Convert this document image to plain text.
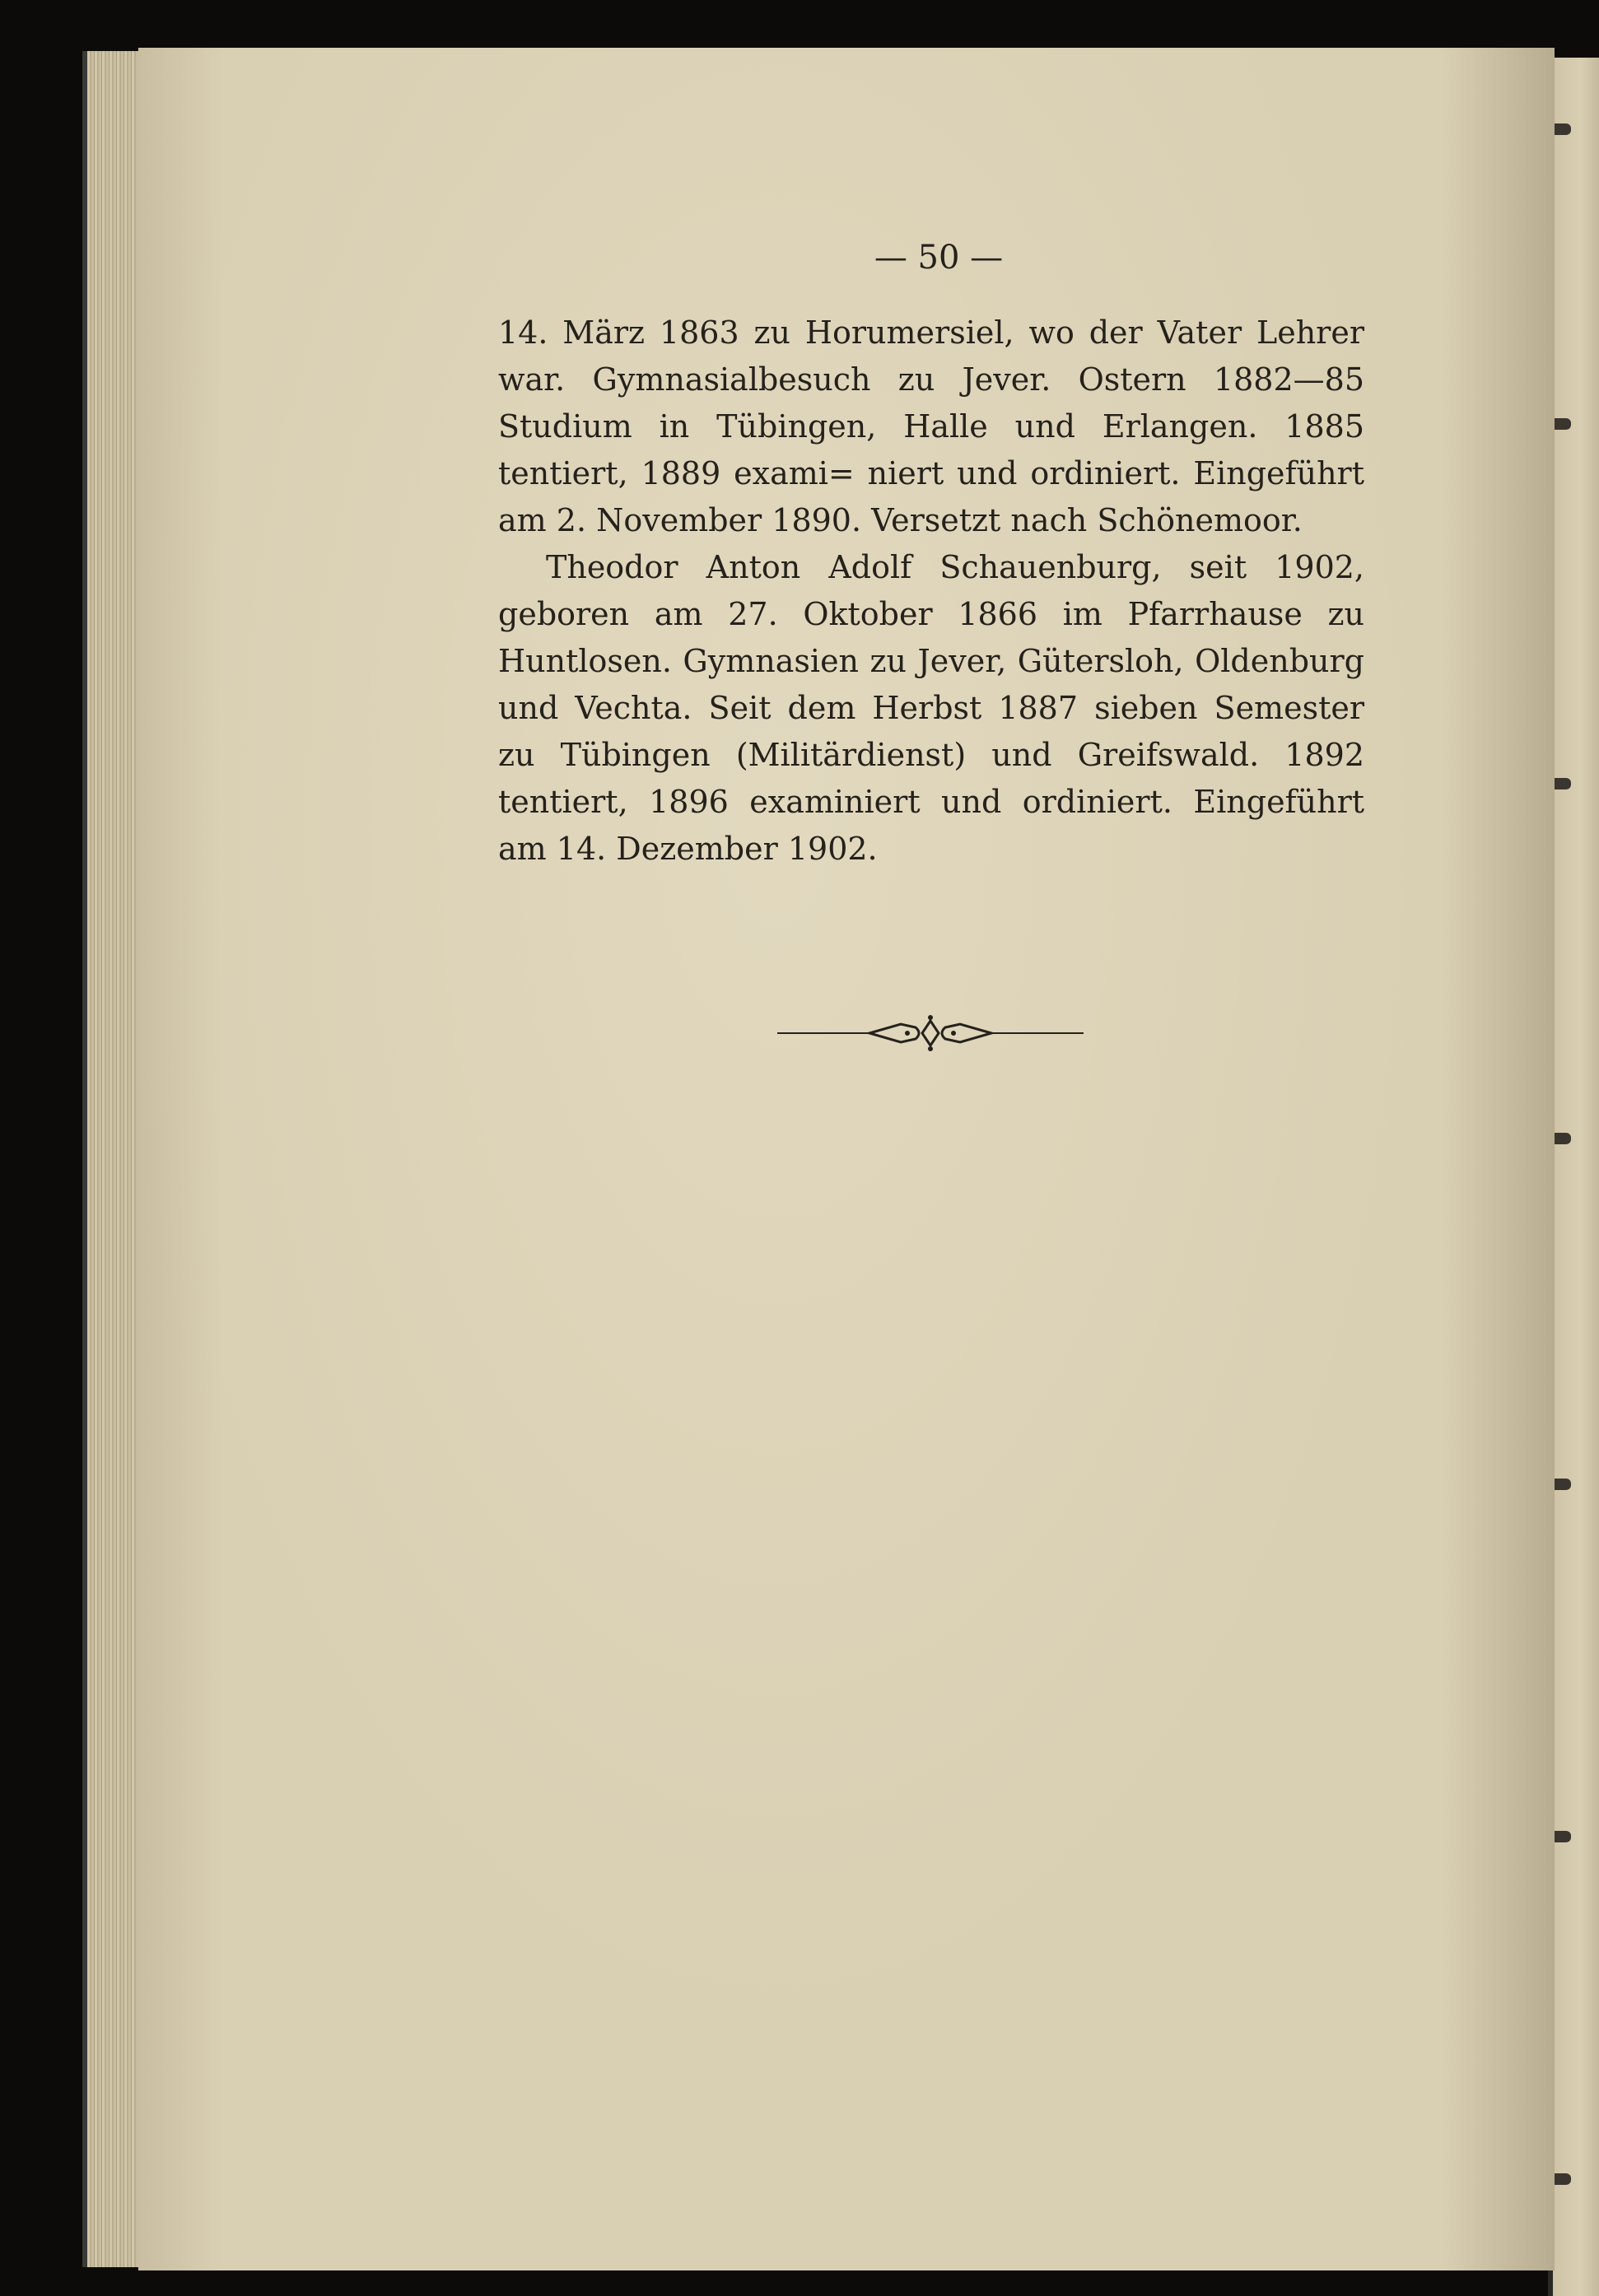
— 50 —

14. März 1863 zu Horumersiel, wo der Vater Lehrer war. Gymnasialbesuch zu Jever. Ostern 1882—85 Studium in Tübingen, Halle und Erlangen. 1885 tentiert, 1889 exami= niert und ordiniert. Eingeführt am 2. November 1890. Versetzt nach Schönemoor.

Theodor Anton Adolf Schauenburg, seit 1902, geboren am 27. Oktober 1866 im Pfarrhause zu Huntlosen. Gymnasien zu Jever, Gütersloh, Oldenburg und Vechta. Seit dem Herbst 1887 sieben Semester zu Tübingen (Militärdienst) und Greifswald. 1892 tentiert, 1896 examiniert und ordiniert. Eingeführt am 14. Dezember 1902.
